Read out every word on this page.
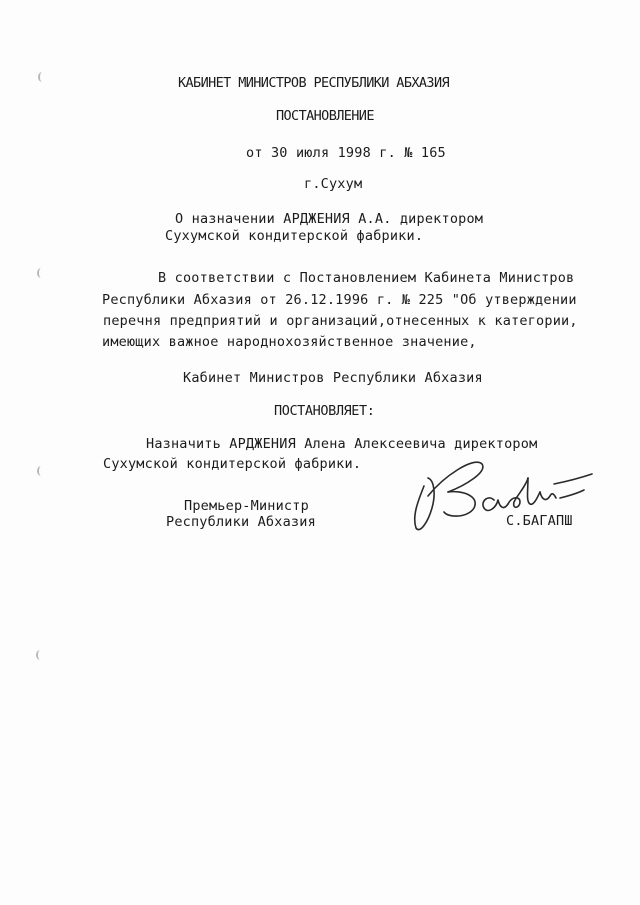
КАБИНЕТ МИНИСТРОВ РЕСПУБЛИКИ АБХАЗИЯ
ПОСТАНОВЛЕНИЕ
от 30 июля 1998 г. № 165
г.Сухум
О назначении АРДЖЕНИЯ А.А. директором
Сухумской кондитерской фабрики.
В соответствии с Постановлением Кабинета Министров
Республики Абхазия от 26.12.1996 г. № 225 "Об утверждении
перечня предприятий и организаций,отнесенных к категории,
имеющих важное народнохозяйственное значение,
Кабинет Министров Республики Абхазия
ПОСТАНОВЛЯЕТ:
Назначить АРДЖЕНИЯ Алена Алексеевича директором
Сухумской кондитерской фабрики.
Премьер-Министр
Республики Абхазия	С.БАГАПШ
